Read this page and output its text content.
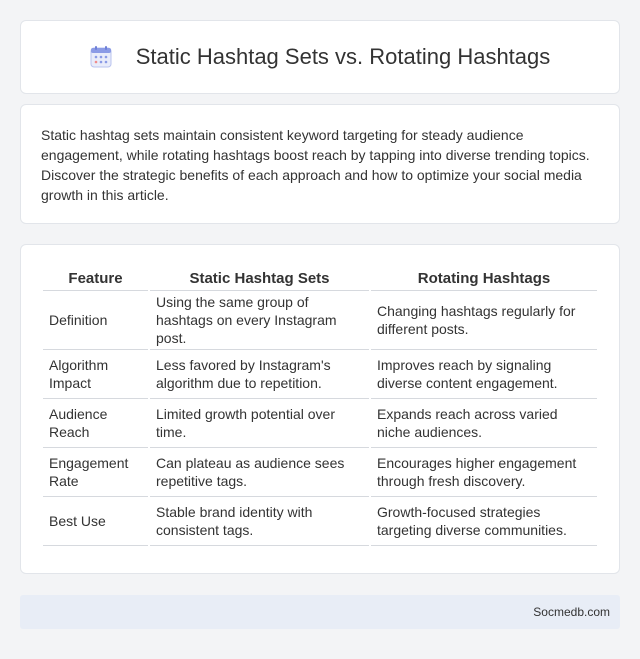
Static Hashtag Sets vs. Rotating Hashtags

Static hashtag sets maintain consistent keyword targeting for steady audience engagement, while rotating hashtags boost reach by tapping into diverse trending topics. Discover the strategic benefits of each approach and how to optimize your social media growth in this article.

Feature	Static Hashtag Sets	Rotating Hashtags
Definition	Using the same group of hashtags on every Instagram post.	Changing hashtags regularly for different posts.
Algorithm Impact	Less favored by Instagram's algorithm due to repetition.	Improves reach by signaling diverse content engagement.
Audience Reach	Limited growth potential over time.	Expands reach across varied niche audiences.
Engagement Rate	Can plateau as audience sees repetitive tags.	Encourages higher engagement through fresh discovery.
Best Use	Stable brand identity with consistent tags.	Growth-focused strategies targeting diverse communities.
Socmedb.com
